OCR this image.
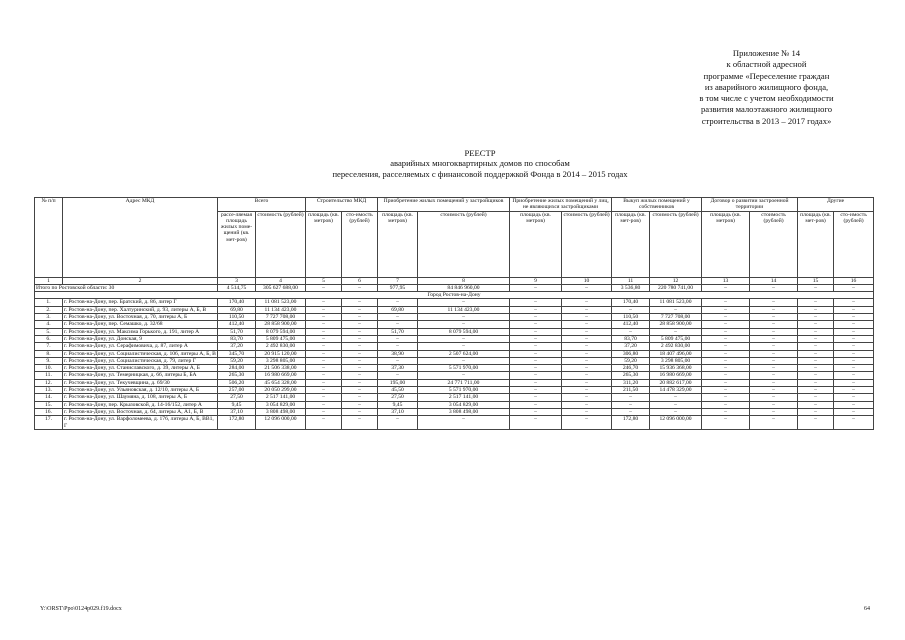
Приложение № 14
к областной адресной
программе «Переселение граждан
из аварийного жилищного фонда,
в том числе с учетом необходимости
развития малоэтажного жилищного
строительства в 2013 – 2017 годах»
РЕЕСТР
аварийных многоквартирных домов по способам
переселения, расселяемых с финансовой поддержкой Фонда в 2014 – 2015 годах
№ п/п	Адрес МКД	Всего		Строительство МКД		Приобретение жилых помещений у застройщиков		Приобретение жилых помещений у лиц, не являющихся застройщиками		Выкуп жилых помещений у собственников		Договор о развитии застроенной территории		Другие	
		рассе-ляемая площадь жилых поме-щений (кв. мет-ров)	стоимость (рублей)	площадь (кв. метров)	сто-имость (рублей)	площадь (кв. метров)	стоимость (рублей)	площадь (кв. метров)	стоимость (рублей)	площадь (кв. мет-ров)	стоимость (рублей)	площадь (кв. метров)	стоимость (рублей)	площадь (кв. мет-ров)	сто-имость (рублей)
1	2	3	4	5	6	7	8	9	10	11	12	13	14	15	16
Итого по Ростовской области: 30		4 514,75	305 627 688,00	–	–	977,95	84 846 960,00	–	–	3 536,80	220 780 741,00	–	–	–	–
Город Ростов-на-Дону															
1.	г. Ростов-на-Дону, пер. Братский, д. 86, литер Г	170,40	11 081 523,00	–	–	–	–	–	–	170,40	11 081 523,00	–	–	–	–
2.	г. Ростов-на-Дону, пер. Халтуринский, д. 93, литеры А, Б, В	69,80	11 134 423,00	–	–	69,80	11 134 423,00	–	–	–	–	–	–	–	–
3.	г. Ростов-на-Дону, ул. Восточная, д. 70, литеры А, Б	110,50	7 727 708,00	–	–	–	–	–	–	110,50	7 727 708,00	–	–	–	–
4.	г. Ростов-на-Дону, пер. Семашко, д. 32/68	412,40	28 858 900,00	–	–	–	–	–	–	412,40	28 858 900,00	–	–	–	–
5.	г. Ростов-на-Дону, ул. Максима Горького, д. 191, литер А	51,70	8 079 594,00	–	–	51,70	8 079 594,00	–	–	–	–	–	–	–	–
6.	г. Ростов-на-Дону, ул. Донская, 9	83,70	5 809 475,00	–	–	–	–	–	–	83,70	5 809 475,00	–	–	–	–
7.	г. Ростов-на-Дону, ул. Серафимовича, д. 87, литер А	37,20	2 492 830,00	–	–	–	–	–	–	37,20	2 492 830,00	–	–	–	–
8.	г. Ростов-на-Дону, ул. Социалистическая, д. 106, литеры А, Б, В	345,70	20 915 120,00	–	–	38,90	2 507 624,00	–	–	306,80	18 407 496,00	–	–	–	–
9.	г. Ростов-на-Дону, ул. Социалистическая, д. 79, литер Г	59,20	3 298 805,00	–	–	–	–	–	–	59,20	3 298 805,00	–	–	–	–
10.	г. Ростов-на-Дону, ул. Станиславского, д. 39, литеры А, Б	284,00	21 506 338,00	–	–	37,30	5 571 970,00	–	–	246,70	15 936 368,00	–	–	–	–
11.	г. Ростов-на-Дону, ул. Темерницкая, д. 66, литеры Б, БА	265,30	16 980 669,00	–	–	–	–	–	–	265,30	16 980 669,00	–	–	–	–
12.	г. Ростов-на-Дону, ул. Текучевщина, д. 69/30	506,20	45 654 328,00	–	–	195,00	24 771 711,00	–	–	311,20	20 882 617,00	–	–	–	–
13.	г. Ростов-на-Дону, ул. Ульяновская, д. 12/10, литеры А, Б	257,00	20 050 299,00	–	–	45,50	5 571 970,00	–	–	211,50	14 478 329,00	–	–	–	–
14.	г. Ростов-на-Дону, ул. Шаумяна, д. 108, литеры А, Б	27,50	2 517 141,00	–	–	27,50	2 517 141,00	–	–	–	–	–	–	–	–
15.	г. Ростов-на-Дону, пер. Крыловской, д. 14-16/152, литер А	9,45	3 054 829,00	–	–	9,45	3 054 829,00	–	–	–	–	–	–	–	–
16.	г. Ростов-на-Дону, ул. Восточная, д. 64, литеры А, А1, Б, В	37,10	3 808 498,00	–	–	37,10	3 808 498,00	–	–	–	–	–	–	–	–
17.	г. Ростов-на-Дону, ул. Варфоломеева, д. 176, литеры А, Б, ВВ1, Г	172,80	12 096 000,00	–	–	–	–	–	–	172,80	12 096 000,00	–	–	–	–
Y:\ORST\Ppo\0124p029.f19.docx	64
